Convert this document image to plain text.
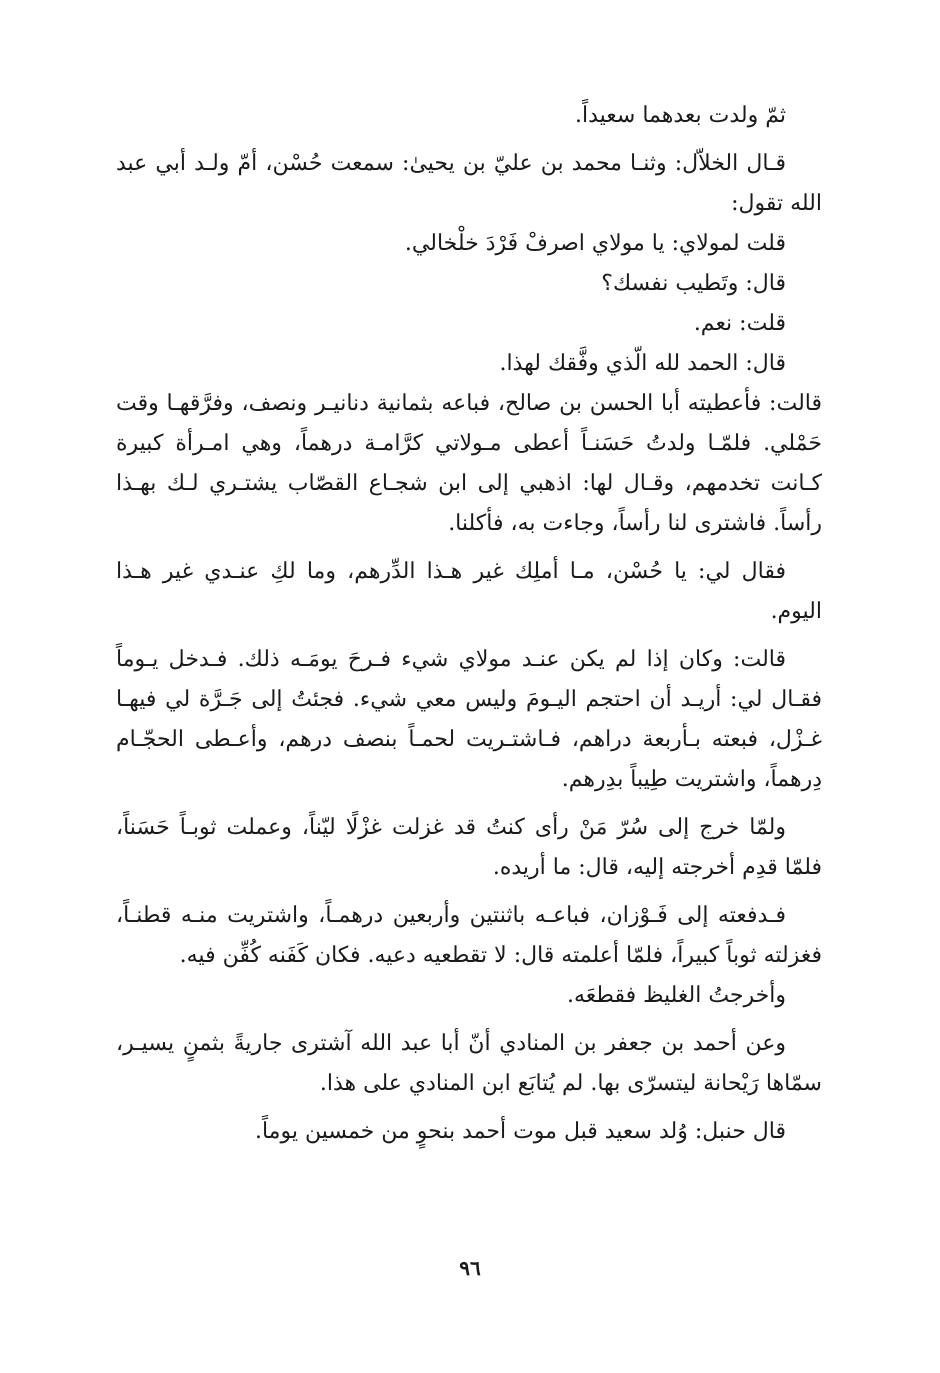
ثمّ ولدت بعدهما سعيداً.

قـال الخلاّل: وثنـا محمد بن عليّ بن يحيىٰ: سمعت حُسْن، أمّ ولـد أبي عبد الله تقول:

قلت لمولاي: يا مولاي اصرفْ فَرْدَ خلْخالي.

قال: وتَطيب نفسك؟

قلت: نعم.

قال: الحمد لله الّذي وفَّقك لهذا.

قالت: فأعطيته أبا الحسن بن صالح، فباعه بثمانية دنانيـر ونصف، وفرَّقهـا وقت حَمْلي. فلمّـا ولدتُ حَسَنـاً أعطى مـولاتي كرَّامـة درهماً، وهي امـرأة كبيرة كـانت تخدمهم، وقـال لها: اذهبي إلى ابن شجـاع القصّاب يشتـري لـك بهـذا رأساً. فاشترى لنا رأساً، وجاءت به، فأكلنا.

فقال لي: يا حُسْن، مـا أملِك غير هـذا الدِّرهم، وما لكِ عنـدي غير هـذا اليوم.

قالت: وكان إذا لم يكن عنـد مولاي شيء فـرحَ يومَـه ذلك. فـدخل يـوماً فقـال لي: أريـد أن احتجم اليـومَ وليس معي شيء. فجئتُ إلى جَـرَّة لي فيهـا غـزْل، فبعته بـأربعة دراهم، فـاشتـريت لحمـاً بنصف درهم، وأعـطى الحجّـام دِرهماً، واشتريت طِيباً بدِرهم.

ولمّا خرج إلى سُرّ مَنْ رأى كنتُ قد غزلت غزْلًا ليّناً، وعملت ثوبـاً حَسَناً، فلمّا قدِم أخرجته إليه، قال: ما أريده.

فـدفعته إلى فَـوْزان، فباعـه باثنتين وأربعين درهمـاً، واشتريت منـه قطنـاً، فغزلته ثوباً كبيراً، فلمّا أعلمته قال: لا تقطعيه دعيه. فكان كَفَنه كُفِّن فيه.

وأخرجتُ الغليظ فقطعَه.

وعن أحمد بن جعفر بن المنادي أنّ أبا عبد الله آشترى جاريةً بثمنٍ يسيـر، سمّاها رَيْحانة ليتسرّى بها. لم يُتابَع ابن المنادي على هذا.

قال حنبل: وُلد سعيد قبل موت أحمد بنحوٍ من خمسين يوماً.

٩٦
